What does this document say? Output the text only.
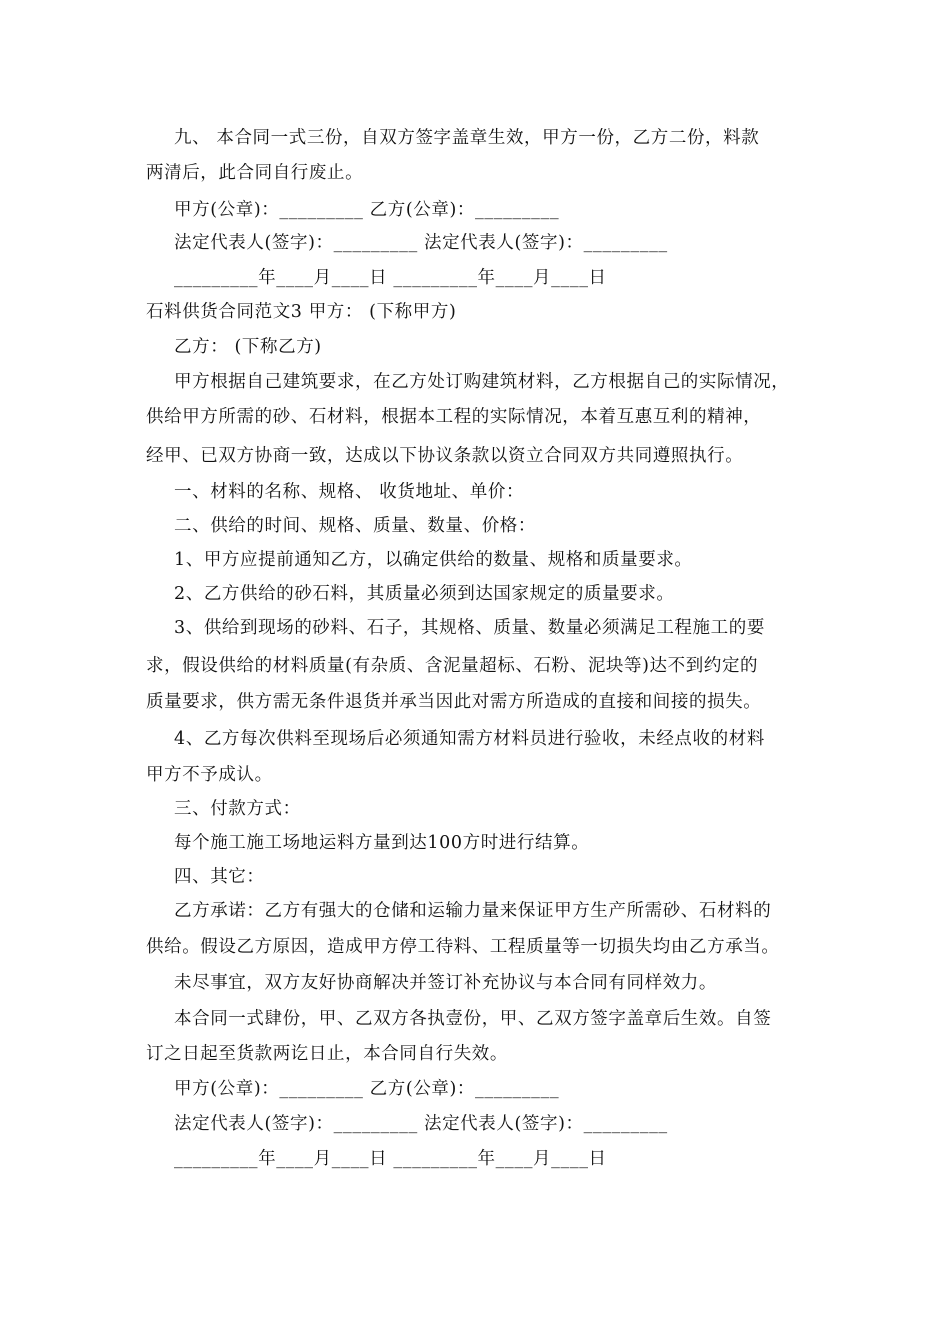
九、 本合同一式三份，自双方签字盖章生效，甲方一份，乙方二份，料款
两清后，此合同自行废止。
甲方(公章)：_________ 乙方(公章)：_________
法定代表人(签字)：_________ 法定代表人(签字)：_________
_________年____月____日 _________年____月____日
石料供货合同范文3 甲方： (下称甲方)
乙方： (下称乙方)
甲方根据自己建筑要求，在乙方处订购建筑材料，乙方根据自己的实际情况，
供给甲方所需的砂、石材料，根据本工程的实际情况，本着互惠互利的精神，
经甲、已双方协商一致，达成以下协议条款以资立合同双方共同遵照执行。
一、材料的名称、规格、 收货地址、单价：
二、供给的时间、规格、质量、数量、价格：
1、甲方应提前通知乙方，以确定供给的数量、规格和质量要求。
2、乙方供给的砂石料，其质量必须到达国家规定的质量要求。
3、供给到现场的砂料、石子，其规格、质量、数量必须满足工程施工的要
求，假设供给的材料质量(有杂质、含泥量超标、石粉、泥块等)达不到约定的
质量要求，供方需无条件退货并承当因此对需方所造成的直接和间接的损失。
4、乙方每次供料至现场后必须通知需方材料员进行验收，未经点收的材料
甲方不予成认。
三、付款方式：
每个施工施工场地运料方量到达100方时进行结算。
四、其它：
乙方承诺：乙方有强大的仓储和运输力量来保证甲方生产所需砂、石材料的
供给。假设乙方原因，造成甲方停工待料、工程质量等一切损失均由乙方承当。
未尽事宜，双方友好协商解决并签订补充协议与本合同有同样效力。
本合同一式肆份，甲、乙双方各执壹份，甲、乙双方签字盖章后生效。自签
订之日起至货款两讫日止，本合同自行失效。
甲方(公章)：_________ 乙方(公章)：_________
法定代表人(签字)：_________ 法定代表人(签字)：_________
_________年____月____日 _________年____月____日
